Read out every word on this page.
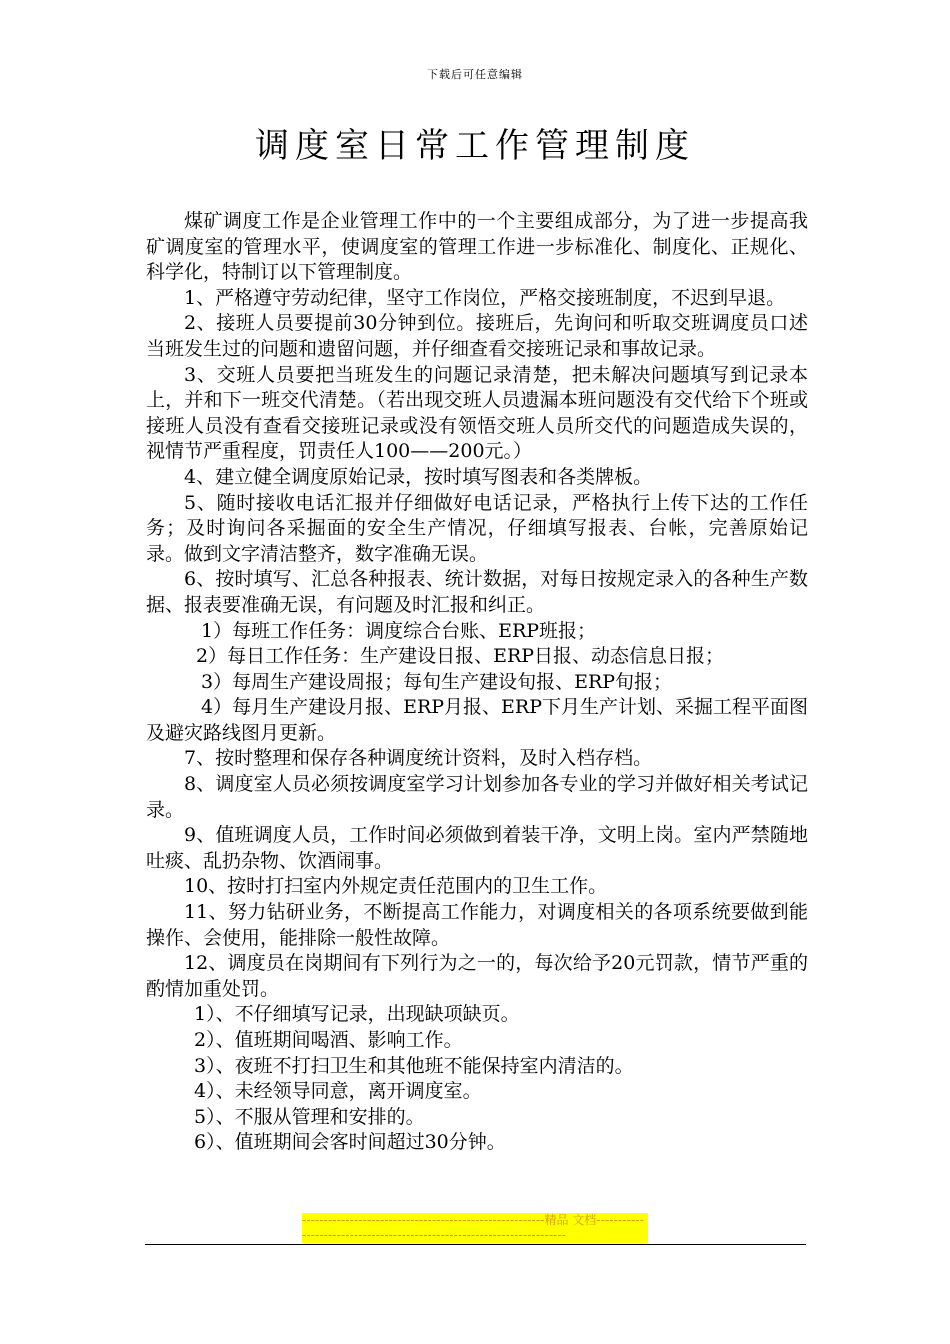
下载后可任意编辑
调度室日常工作管理制度

煤矿调度工作是企业管理工作中的一个主要组成部分，为了进一步提高我矿调度室的管理水平，使调度室的管理工作进一步标准化、制度化、正规化、科学化，特制订以下管理制度。

1、严格遵守劳动纪律，坚守工作岗位，严格交接班制度，不迟到早退。

2、接班人员要提前30分钟到位。接班后，先询问和听取交班调度员口述当班发生过的问题和遗留问题，并仔细查看交接班记录和事故记录。

3、交班人员要把当班发生的问题记录清楚，把未解决问题填写到记录本上，并和下一班交代清楚。（若出现交班人员遗漏本班问题没有交代给下个班或接班人员没有查看交接班记录或没有领悟交班人员所交代的问题造成失误的，视情节严重程度，罚责任人100——200元。）

4、建立健全调度原始记录，按时填写图表和各类牌板。

5、随时接收电话汇报并仔细做好电话记录，严格执行上传下达的工作任务；及时询问各采掘面的安全生产情况，仔细填写报表、台帐，完善原始记录。做到文字清洁整齐，数字准确无误。

6、按时填写、汇总各种报表、统计数据，对每日按规定录入的各种生产数据、报表要准确无误，有问题及时汇报和纠正。

1）每班工作任务：调度综合台账、ERP班报；

2）每日工作任务：生产建设日报、ERP日报、动态信息日报；

3）每周生产建设周报；每旬生产建设旬报、ERP旬报；

4）每月生产建设月报、ERP月报、ERP下月生产计划、采掘工程平面图及避灾路线图月更新。

7、按时整理和保存各种调度统计资料，及时入档存档。

8、调度室人员必须按调度室学习计划参加各专业的学习并做好相关考试记录。

9、值班调度人员，工作时间必须做到着装干净，文明上岗。室内严禁随地吐痰、乱扔杂物、饮酒闹事。

10、按时打扫室内外规定责任范围内的卫生工作。

11、努力钻研业务，不断提高工作能力，对调度相关的各项系统要做到能操作、会使用，能排除一般性故障。

12、调度员在岗期间有下列行为之一的，每次给予20元罚款，情节严重的酌情加重处罚。

1）、不仔细填写记录，出现缺项缺页。

2）、值班期间喝酒、影响工作。

3）、夜班不打扫卫生和其他班不能保持室内清洁的。

4）、未经领导同意，离开调度室。

5）、不服从管理和安排的。

6）、值班期间会客时间超过30分钟。

--------------------------------------------------------精品 文档------------------------------------------------------------------------
